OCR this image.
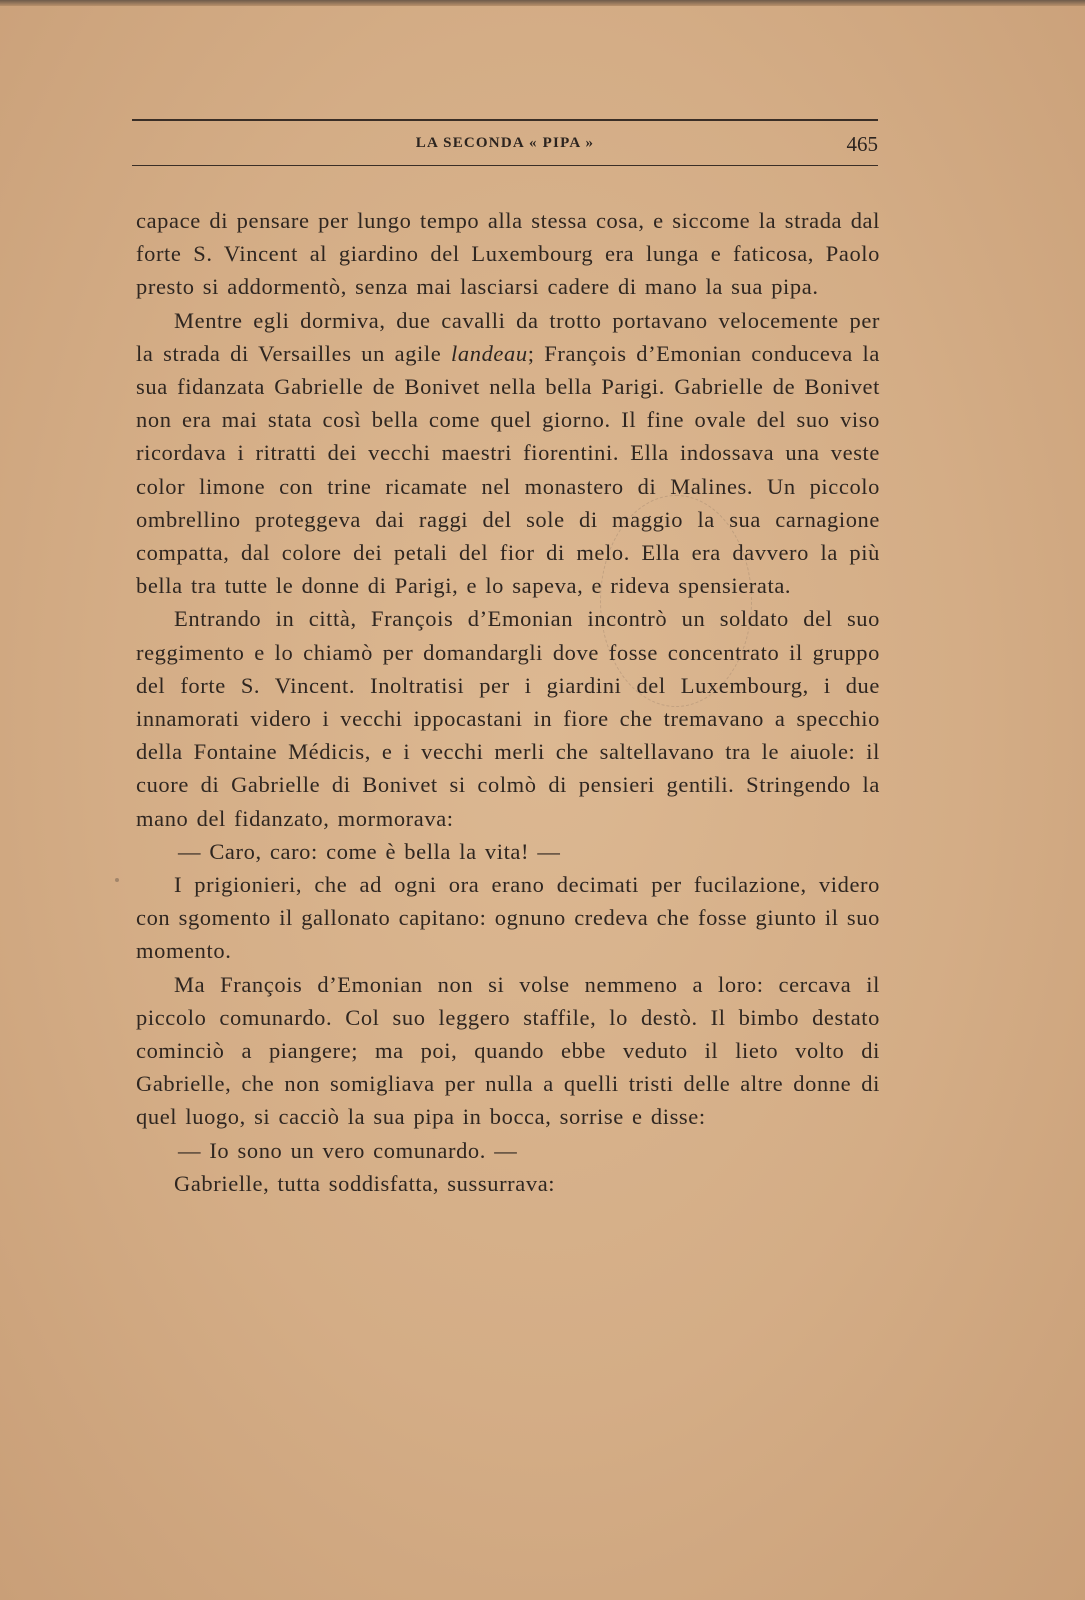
LA SECONDA « PIPA »	465

capace di pensare per lungo tempo alla stessa cosa, e siccome la strada dal forte S. Vincent al giardino del Luxembourg era lunga e faticosa, Paolo presto si addormentò, senza mai lasciarsi cadere di mano la sua pipa.

Mentre egli dormiva, due cavalli da trotto portavano velocemente per la strada di Versailles un agile landeau; François d’Emonian conduceva la sua fidanzata Gabrielle de Bonivet nella bella Parigi. Gabrielle de Bonivet non era mai stata così bella come quel giorno. Il fine ovale del suo viso ricordava i ritratti dei vecchi maestri fiorentini. Ella indossava una veste color limone con trine ricamate nel monastero di Malines. Un piccolo ombrellino proteggeva dai raggi del sole di maggio la sua carnagione compatta, dal colore dei petali del fior di melo. Ella era davvero la più bella tra tutte le donne di Parigi, e lo sapeva, e rideva spensierata.

Entrando in città, François d’Emonian incontrò un soldato del suo reggimento e lo chiamò per domandargli dove fosse concentrato il gruppo del forte S. Vincent. Inoltratisi per i giardini del Luxembourg, i due innamorati videro i vecchi ippocastani in fiore che tremavano a specchio della Fontaine Médicis, e i vecchi merli che saltellavano tra le aiuole: il cuore di Gabrielle di Bonivet si colmò di pensieri gentili. Stringendo la mano del fidanzato, mormorava:

— Caro, caro: come è bella la vita! —

I prigionieri, che ad ogni ora erano decimati per fucilazione, videro con sgomento il gallonato capitano: ognuno credeva che fosse giunto il suo momento.

Ma François d’Emonian non si volse nemmeno a loro: cercava il piccolo comunardo. Col suo leggero staffile, lo destò. Il bimbo destato cominciò a piangere; ma poi, quando ebbe veduto il lieto volto di Gabrielle, che non somigliava per nulla a quelli tristi delle altre donne di quel luogo, si cacciò la sua pipa in bocca, sorrise e disse:

— Io sono un vero comunardo. —

Gabrielle, tutta soddisfatta, sussurrava:
